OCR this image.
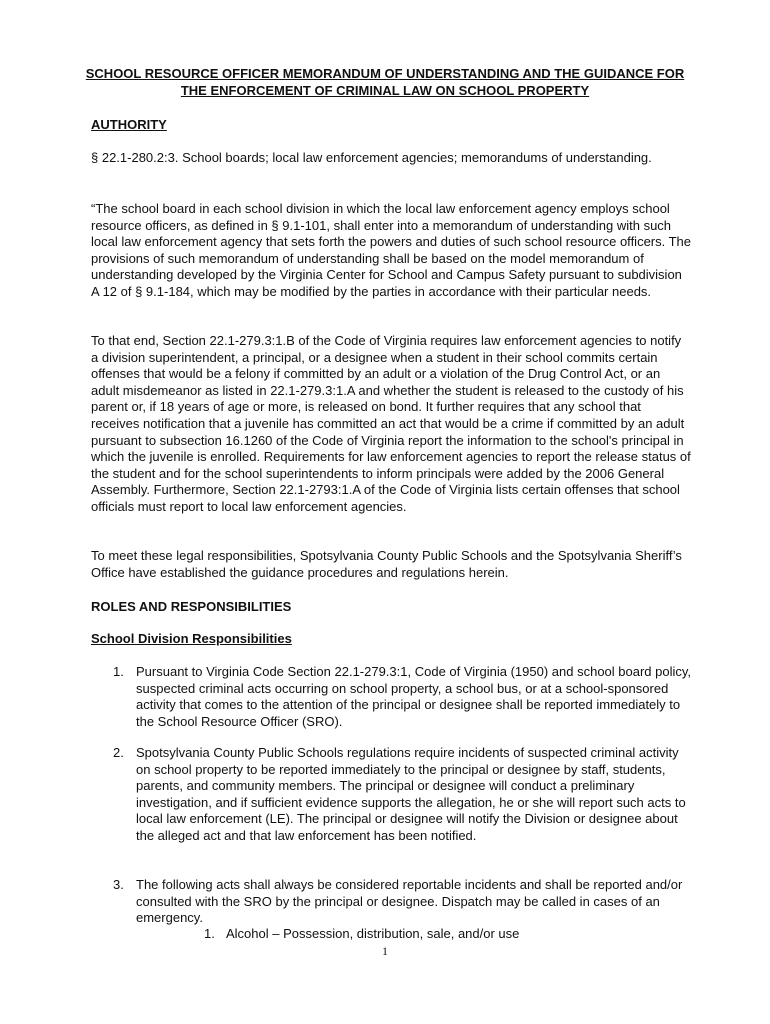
SCHOOL RESOURCE OFFICER MEMORANDUM OF UNDERSTANDING AND THE GUIDANCE FOR THE ENFORCEMENT OF CRIMINAL LAW ON SCHOOL PROPERTY
AUTHORITY

§ 22.1-280.2:3. School boards; local law enforcement agencies; memorandums of understanding.

“The school board in each school division in which the local law enforcement agency employs school resource officers, as defined in § 9.1-101, shall enter into a memorandum of understanding with such local law enforcement agency that sets forth the powers and duties of such school resource officers. The provisions of such memorandum of understanding shall be based on the model memorandum of understanding developed by the Virginia Center for School and Campus Safety pursuant to subdivision A 12 of § 9.1-184, which may be modified by the parties in accordance with their particular needs.

To that end, Section 22.1-279.3:1.B of the Code of Virginia requires law enforcement agencies to notify a division superintendent, a principal, or a designee when a student in their school commits certain offenses that would be a felony if committed by an adult or a violation of the Drug Control Act, or an adult misdemeanor as listed in 22.1-279.3:1.A and whether the student is released to the custody of his parent or, if 18 years of age or more, is released on bond. It further requires that any school that receives notification that a juvenile has committed an act that would be a crime if committed by an adult pursuant to subsection 16.1260 of the Code of Virginia report the information to the school's principal in which the juvenile is enrolled. Requirements for law enforcement agencies to report the release status of the student and for the school superintendents to inform principals were added by the 2006 General Assembly. Furthermore, Section 22.1-2793:1.A of the Code of Virginia lists certain offenses that school officials must report to local law enforcement agencies.

To meet these legal responsibilities, Spotsylvania County Public Schools and the Spotsylvania Sheriff’s Office have established the guidance procedures and regulations herein.

ROLES AND RESPONSIBILITIES
School Division Responsibilities
1. Pursuant to Virginia Code Section 22.1-279.3:1, Code of Virginia (1950) and school board policy, suspected criminal acts occurring on school property, a school bus, or at a school-sponsored activity that comes to the attention of the principal or designee shall be reported immediately to the School Resource Officer (SRO).
2. Spotsylvania County Public Schools regulations require incidents of suspected criminal activity on school property to be reported immediately to the principal or designee by staff, students, parents, and community members. The principal or designee will conduct a preliminary investigation, and if sufficient evidence supports the allegation, he or she will report such acts to local law enforcement (LE). The principal or designee will notify the Division or designee about the alleged act and that law enforcement has been notified.
3. The following acts shall always be considered reportable incidents and shall be reported and/or consulted with the SRO by the principal or designee. Dispatch may be called in cases of an emergency.
1. Alcohol – Possession, distribution, sale, and/or use
1
